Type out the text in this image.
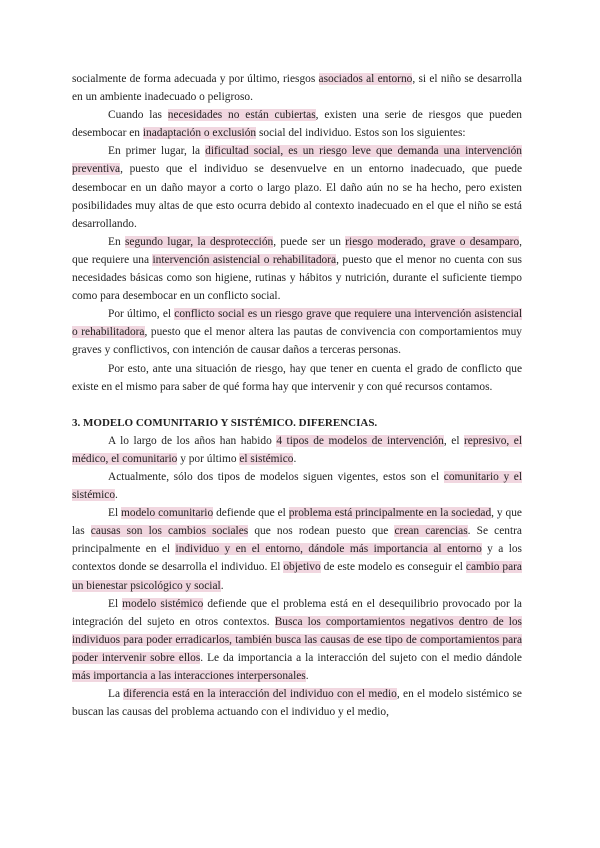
socialmente de forma adecuada y por último, riesgos asociados al entorno, si el niño se desarrolla en un ambiente inadecuado o peligroso.

Cuando las necesidades no están cubiertas, existen una serie de riesgos que pueden desembocar en inadaptación o exclusión social del individuo. Estos son los siguientes:

En primer lugar, la dificultad social, es un riesgo leve que demanda una intervención preventiva, puesto que el individuo se desenvuelve en un entorno inadecuado, que puede desembocar en un daño mayor a corto o largo plazo. El daño aún no se ha hecho, pero existen posibilidades muy altas de que esto ocurra debido al contexto inadecuado en el que el niño se está desarrollando.

En segundo lugar, la desprotección, puede ser un riesgo moderado, grave o desamparo, que requiere una intervención asistencial o rehabilitadora, puesto que el menor no cuenta con sus necesidades básicas como son higiene, rutinas y hábitos y nutrición, durante el suficiente tiempo como para desembocar en un conflicto social.

Por último, el conflicto social es un riesgo grave que requiere una intervención asistencial o rehabilitadora, puesto que el menor altera las pautas de convivencia con comportamientos muy graves y conflictivos, con intención de causar daños a terceras personas.

Por esto, ante una situación de riesgo, hay que tener en cuenta el grado de conflicto que existe en el mismo para saber de qué forma hay que intervenir y con qué recursos contamos.

3. MODELO COMUNITARIO Y SISTÉMICO. DIFERENCIAS.

A lo largo de los años han habido 4 tipos de modelos de intervención, el represivo, el médico, el comunitario y por último el sistémico.

Actualmente, sólo dos tipos de modelos siguen vigentes, estos son el comunitario y el sistémico.

El modelo comunitario defiende que el problema está principalmente en la sociedad, y que las causas son los cambios sociales que nos rodean puesto que crean carencias. Se centra principalmente en el individuo y en el entorno, dándole más importancia al entorno y a los contextos donde se desarrolla el individuo. El objetivo de este modelo es conseguir el cambio para un bienestar psicológico y social.

El modelo sistémico defiende que el problema está en el desequilibrio provocado por la integración del sujeto en otros contextos. Busca los comportamientos negativos dentro de los individuos para poder erradicarlos, también busca las causas de ese tipo de comportamientos para poder intervenir sobre ellos. Le da importancia a la interacción del sujeto con el medio dándole más importancia a las interacciones interpersonales.

La diferencia está en la interacción del individuo con el medio, en el modelo sistémico se buscan las causas del problema actuando con el individuo y el medio,
